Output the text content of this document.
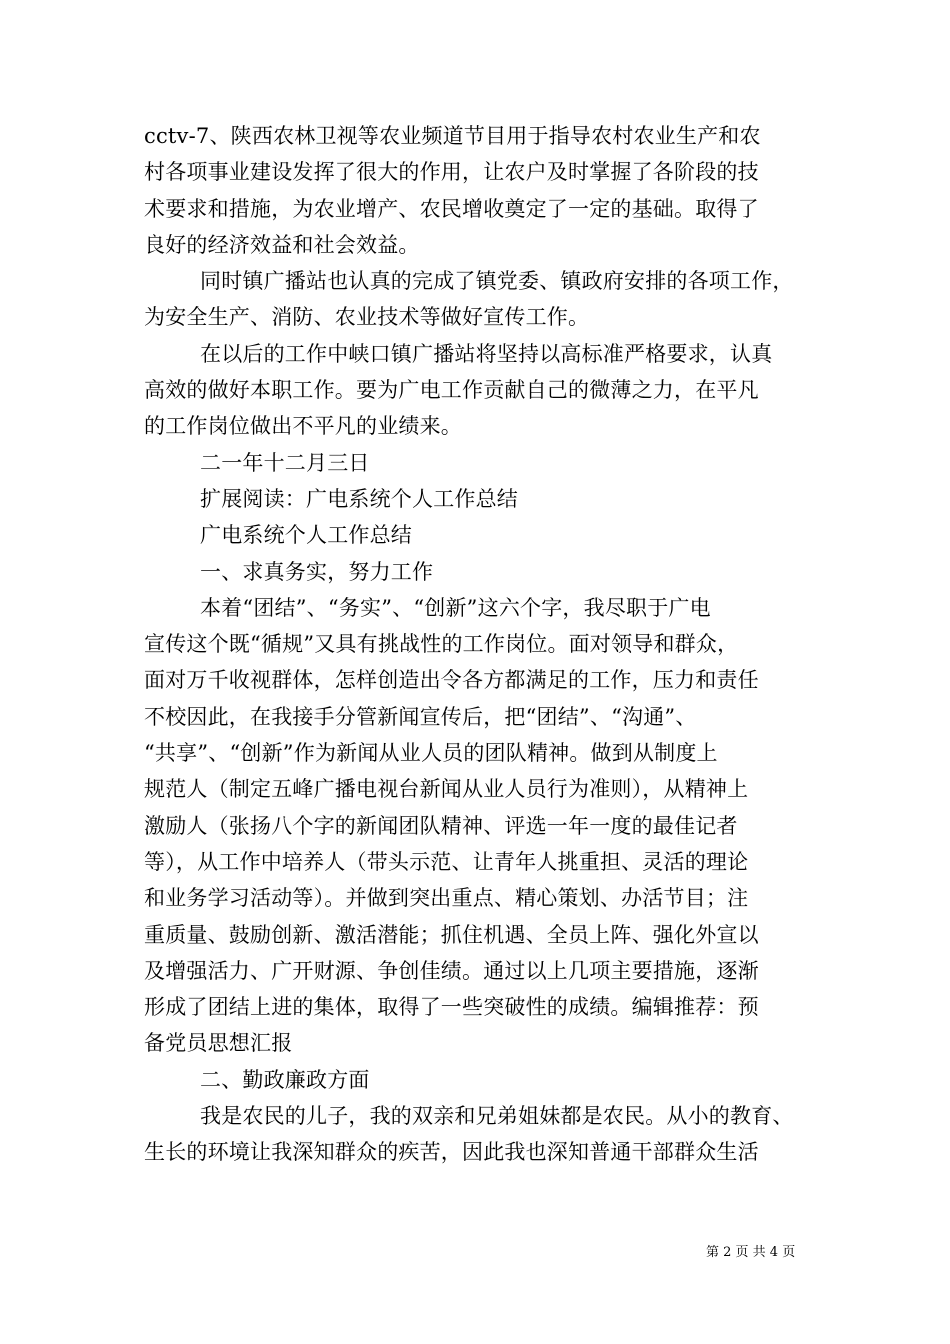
cctv-7、陕西农林卫视等农业频道节目用于指导农村农业生产和农
村各项事业建设发挥了很大的作用，让农户及时掌握了各阶段的技
术要求和措施，为农业增产、农民增收奠定了一定的基础。取得了
良好的经济效益和社会效益。
同时镇广播站也认真的完成了镇党委、镇政府安排的各项工作，
为安全生产、消防、农业技术等做好宣传工作。
在以后的工作中峡口镇广播站将坚持以高标准严格要求，认真
高效的做好本职工作。要为广电工作贡献自己的微薄之力，在平凡
的工作岗位做出不平凡的业绩来。
二一年十二月三日
扩展阅读：广电系统个人工作总结
广电系统个人工作总结
一、求真务实，努力工作
本着“团结”、“务实”、“创新”这六个字，我尽职于广电
宣传这个既“循规”又具有挑战性的工作岗位。面对领导和群众，
面对万千收视群体，怎样创造出令各方都满足的工作，压力和责任
不校因此，在我接手分管新闻宣传后，把“团结”、“沟通”、
“共享”、“创新”作为新闻从业人员的团队精神。做到从制度上
规范人（制定五峰广播电视台新闻从业人员行为准则），从精神上
激励人（张扬八个字的新闻团队精神、评选一年一度的最佳记者
等），从工作中培养人（带头示范、让青年人挑重担、灵活的理论
和业务学习活动等）。并做到突出重点、精心策划、办活节目；注
重质量、鼓励创新、激活潜能；抓住机遇、全员上阵、强化外宣以
及增强活力、广开财源、争创佳绩。通过以上几项主要措施，逐渐
形成了团结上进的集体，取得了一些突破性的成绩。编辑推荐：预
备党员思想汇报
二、勤政廉政方面
我是农民的儿子，我的双亲和兄弟姐妹都是农民。从小的教育、
生长的环境让我深知群众的疾苦，因此我也深知普通干部群众生活
第 2 页 共 4 页
